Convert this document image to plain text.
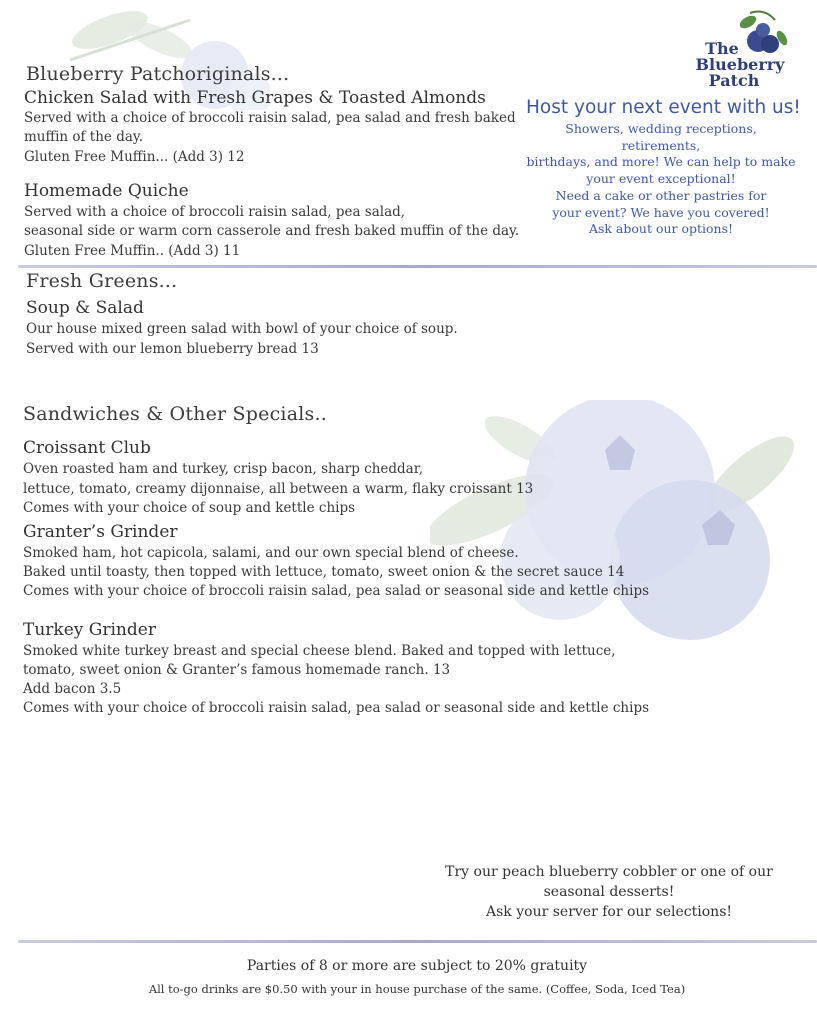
The
Blueberry
Patch
Blueberry Patchoriginals...
Chicken Salad with Fresh Grapes & Toasted Almonds
Served with a choice of broccoli raisin salad, pea salad and fresh baked
muffin of the day.
Gluten Free Muffin... (Add 3) 12
Homemade Quiche
Served with a choice of broccoli raisin salad, pea salad,
seasonal side or warm corn casserole and fresh baked muffin of the day.
Gluten Free Muffin.. (Add 3) 11
Host your next event with us!
Showers, wedding receptions, retirements,
birthdays, and more! We can help to make
your event exceptional!
Need a cake or other pastries for
your event? We have you covered!
Ask about our options!
Fresh Greens...
Soup & Salad
Our house mixed green salad with bowl of your choice of soup.
Served with our lemon blueberry bread 13
Sandwiches & Other Specials..
Croissant Club
Oven roasted ham and turkey, crisp bacon, sharp cheddar,
lettuce, tomato, creamy dijonnaise, all between a warm, flaky croissant 13
Comes with your choice of soup and kettle chips
Granter’s Grinder
Smoked ham, hot capicola, salami, and our own special blend of cheese.
Baked until toasty, then topped with lettuce, tomato, sweet onion & the secret sauce 14
Comes with your choice of broccoli raisin salad, pea salad or seasonal side and kettle chips
Turkey Grinder
Smoked white turkey breast and special cheese blend. Baked and topped with lettuce,
tomato, sweet onion & Granter’s famous homemade ranch. 13
Add bacon 3.5
Comes with your choice of broccoli raisin salad, pea salad or seasonal side and kettle chips
Try our peach blueberry cobbler or one of our
seasonal desserts!
Ask your server for our selections!
Parties of 8 or more are subject to 20% gratuity
All to-go drinks are $0.50 with your in house purchase of the same. (Coffee, Soda, Iced Tea)
